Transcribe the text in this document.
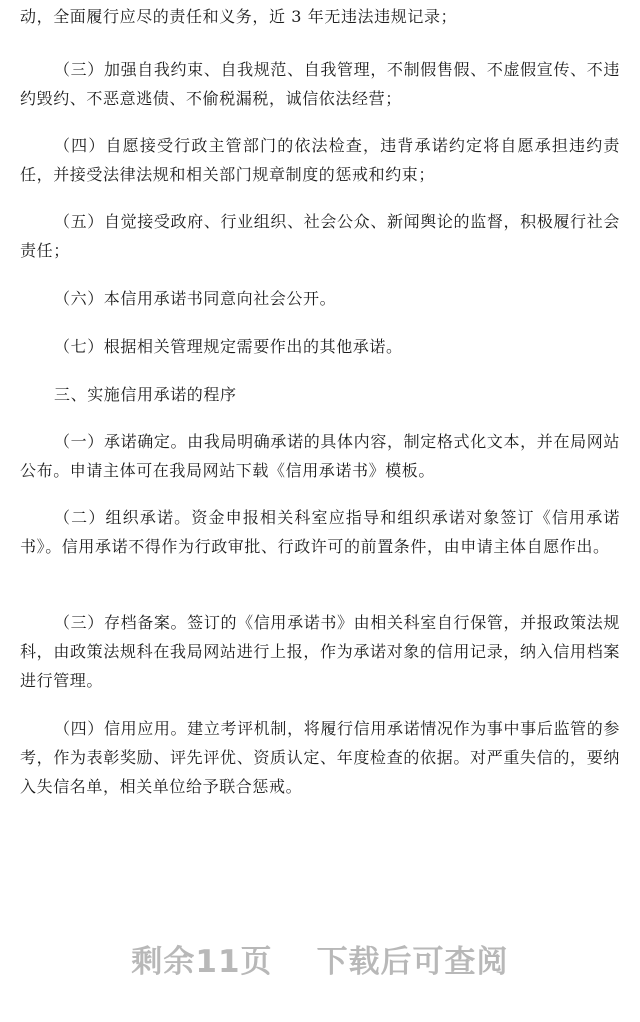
动，全面履行应尽的责任和义务，近 3 年无违法违规记录；

（三）加强自我约束、自我规范、自我管理，不制假售假、不虚假宣传、不违约毁约、不恶意逃债、不偷税漏税，诚信依法经营；

（四）自愿接受行政主管部门的依法检查，违背承诺约定将自愿承担违约责任，并接受法律法规和相关部门规章制度的惩戒和约束；

（五）自觉接受政府、行业组织、社会公众、新闻舆论的监督，积极履行社会责任；

（六）本信用承诺书同意向社会公开。

（七）根据相关管理规定需要作出的其他承诺。

三、实施信用承诺的程序

（一）承诺确定。由我局明确承诺的具体内容，制定格式化文本，并在局网站公布。申请主体可在我局网站下载《信用承诺书》模板。

（二）组织承诺。资金申报相关科室应指导和组织承诺对象签订《信用承诺书》。信用承诺不得作为行政审批、行政许可的前置条件，由申请主体自愿作出。

（三）存档备案。签订的《信用承诺书》由相关科室自行保管，并报政策法规科，由政策法规科在我局网站进行上报，作为承诺对象的信用记录，纳入信用档案进行管理。

（四）信用应用。建立考评机制，将履行信用承诺情况作为事中事后监管的参考，作为表彰奖励、评先评优、资质认定、年度检查的依据。对严重失信的，要纳入失信名单，相关单位给予联合惩戒。

剩余11页 下载后可查阅
